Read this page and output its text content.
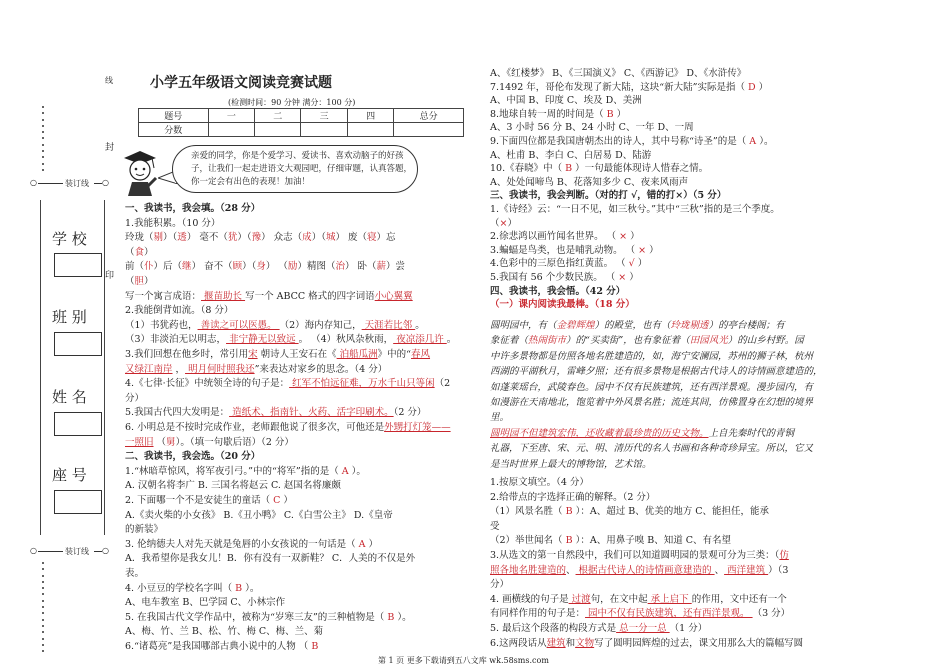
线
封
印
○	装订线 ○
学 校
班 别
姓 名
座 号
○	装订线 ○
小学五年级语文阅读竞赛试题
(检测时间：90 分钟 满分：100 分)
题号	一	二	三	四	总分
分数					
亲爱的同学，你是个爱学习、爱读书、喜欢动脑子的好孩
子，让我们一起走进语文大观园吧，仔细审题，认真答题，
你一定会有出色的表现！加油！
一、我读书，我会填。（28 分）
1.我能积累。（10 分）
玲珑（剔）（透） 毫不（犹）（豫） 众志（成）（城） 废（寝）忘
（食）
前（仆）后（继） 奋不（顾）（身） （励）精图（治） 卧（薪）尝
（胆）
写一个寓言成语： 揠苗助长 写一个 ABCC 格式的四字词语小心翼翼
2.我能倒背如流。（8 分）
（1）书犹药也， 善读之可以医愚。 （2）海内存知己， 天涯若比邻 。
（3）非淡泊无以明志， 非宁静无以致远 。 （4）秋风杂秋雨， 夜凉添几许 。
3.我们回想在他乡时，常引用宋 朝诗人王安石在《 泊船瓜洲》中的“春风
又绿江南岸 ， 明月何时照我还”来表达对家乡的思念。（4 分）
4.《七律·长征》中统领全诗的句子是： 红军不怕远征难，万水千山只等闲（2
分）
5.我国古代四大发明是： 造纸术、指南针、火药、活字印刷术。（2 分）
6. 小明总是不按时完成作业，老师跟他说了很多次，可他还是外甥打灯笼——
一照旧 （舅）。（填一句歇后语）（2 分）
二、我读书，我会选。（20 分）
1.“林暗草惊风，将军夜引弓。”中的“将军”指的是（ A ）。
A. 汉朝名将李广 B. 三国名将赵云 C. 赵国名将廉颇
2. 下面哪一个不是安徒生的童话（ C ）
A.《卖火柴的小女孩》 B.《丑小鸭》 C.《白雪公主》 D.《皇帝
的新装》
3. 伦纳德夫人对先天就是兔唇的小女孩说的一句话是（ A ）
A．我希望你是我女儿！B．你有没有一双新鞋？ C．人美的不仅是外
表。
4. 小豆豆的学校名字叫（ B ）。
A、电车教室 B、巴学园 C、小林宗作
5. 在我国古代文学作品中，被称为“岁寒三友”的三种植物是（ B ）。
A、梅、竹、兰 B、松、竹、梅 C、梅、兰、菊
6.“诸葛亮”是我国哪部古典小说中的人物 （ B
A、《红楼梦》 B、《三国演义》 C、《西游记》 D、《水浒传》
7.1492 年，哥伦布发现了新大陆，这块“新大陆”实际是指（ D ）
A、中国 B、印度 C、埃及 D、美洲
8.地球自转一周的时间是（ B ）
A、3 小时 56 分 B、24 小时 C、一年 D、一周
9.下面四位都是我国唐朝杰出的诗人，其中号称“诗圣”的是（ A ）。
A、杜甫 B、李白 C、白居易 D、陆游
10.《春晓》中（ B ）一句最能体现诗人惜春之情。
A、处处闻啼鸟 B、花落知多少 C、夜来风雨声
三、我读书，我会判断。（对的打 √，错的打×）（5 分）
1.《诗经》云：“一日不见，如三秋兮。”其中“三秋”指的是三个季度。
（×）
2.徐悲鸿以画竹闻名世界。 （ × ）
3.蝙蝠是鸟类，也是哺乳动物。 （ × ）
4.色彩中的三原色指红黄蓝。 （ √ ）
5.我国有 56 个少数民族。 （ × ）
四、我读书，我会悟。（42 分）
（一）课内阅读我最棒。（18 分）
圆明园中，有（金碧辉煌）的殿堂，也有（玲珑剔透）的亭台楼阁；有
象征着（热闹街市）的“买卖街”，也有象征着（田园风光）的山乡村野。园
中许多景物都是仿照各地名胜建造的，如，海宁安澜园，苏州的狮子林，杭州
西湖的平湖秋月，雷峰夕照；还有很多景物是根据古代诗人的诗情画意建造的，
如蓬莱瑶台，武陵春色。园中不仅有民族建筑，还有西洋景观。漫步园内，有
如漫游在天南地北，饱览着中外风景名胜；流连其间，仿佛置身在幻想的境界
里。
圆明园不但建筑宏伟，还收藏着最珍贵的历史文物。上自先秦时代的青铜
礼器，下至唐、宋、元、明、清历代的名人书画和各种奇珍异宝。所以，它又
是当时世界上最大的博物馆，艺术馆。
1.按原文填空。（4 分）
2.给带点的字选择正确的解释。（2 分）
（1）风景名胜（ B ）：A、超过 B、优美的地方 C、能担任，能承
受
（2）举世闻名（ B ）：A、用鼻子嗅 B、知道 C、有名望
3.从选文的第一自然段中，我们可以知道圆明园的景观可分为三类：（仿
照各地名胜建造的、 根据古代诗人的诗情画意建造的 、 西洋建筑 ）（3
分）
4. 画横线的句子是 过渡句，在文中起 承上启下 的作用，文中还有一个
有同样作用的句子是： 园中不仅有民族建筑，还有西洋景观。 （3 分）
5. 最后这个段落的构段方式是 总一分一总 （1 分）
6.这两段话从建筑和文物写了圆明园辉煌的过去，课文用那么大的篇幅写圆
第 1 页 更多下载请到五八文库 wk.58sms.com
